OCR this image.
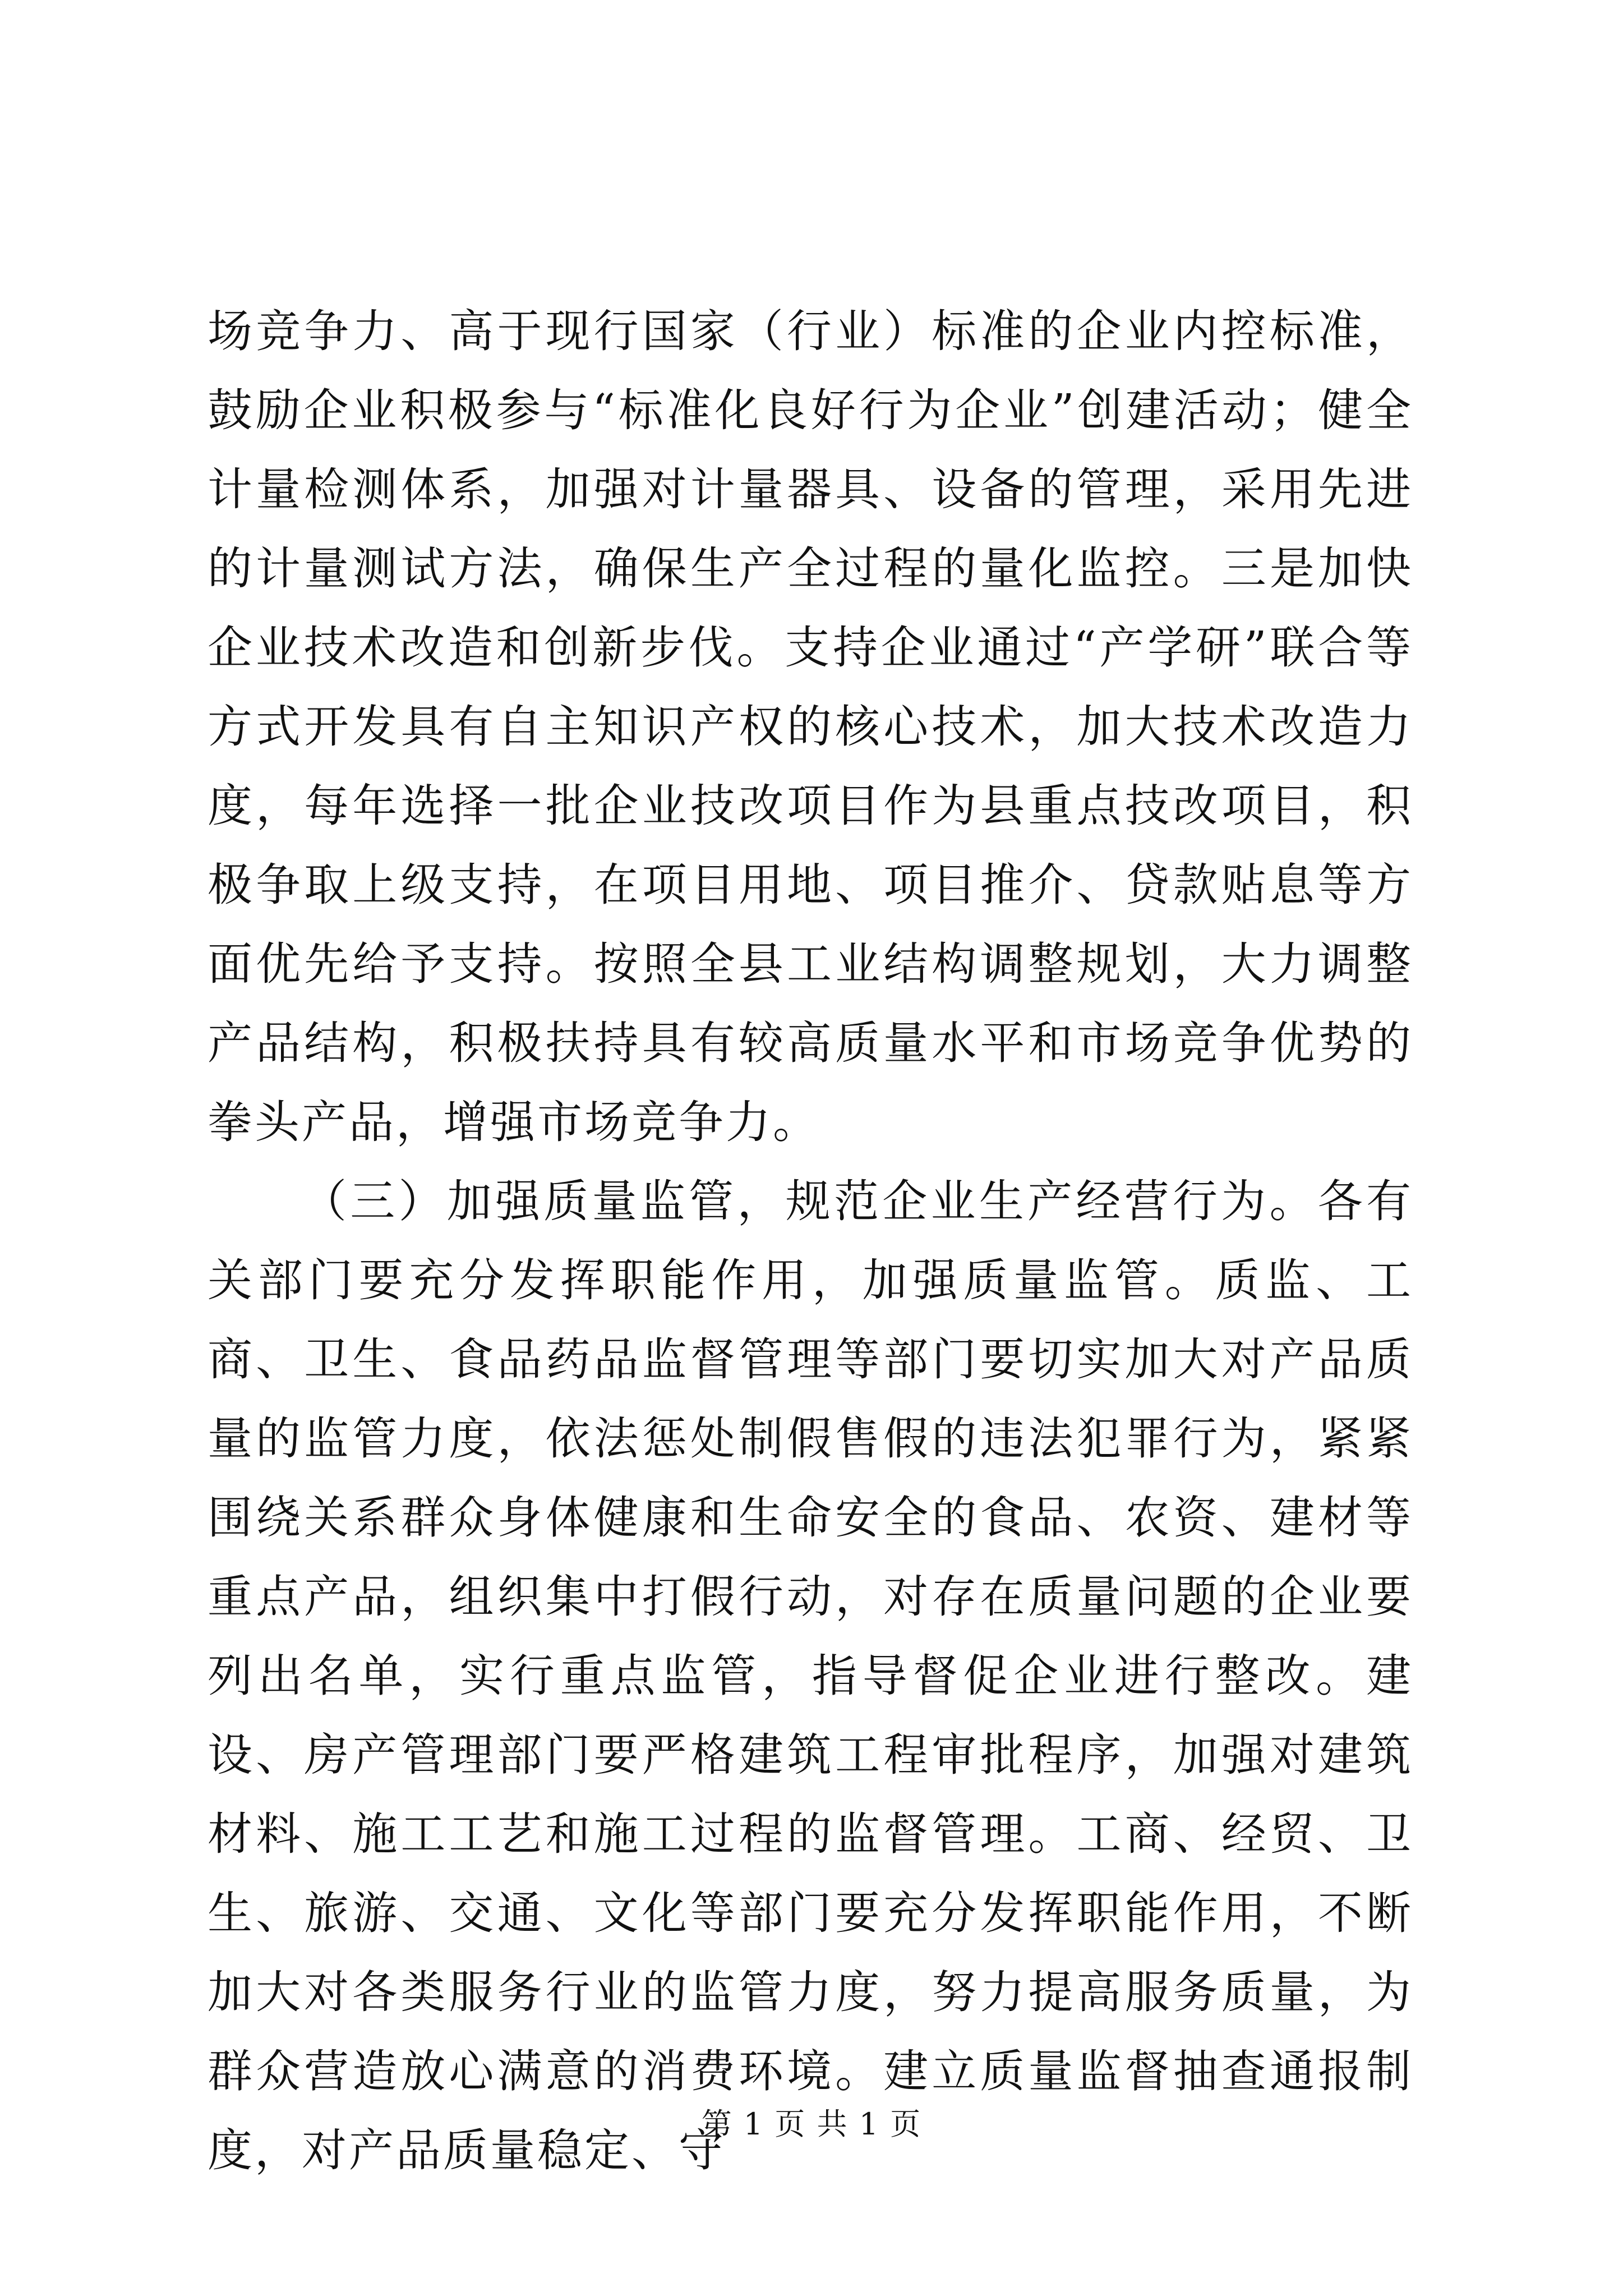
场竞争力、高于现行国家（行业）标准的企业内控标准，鼓励企业积极参与“标准化良好行为企业”创建活动；健全计量检测体系，加强对计量器具、设备的管理，采用先进的计量测试方法，确保生产全过程的量化监控。三是加快企业技术改造和创新步伐。支持企业通过“产学研”联合等方式开发具有自主知识产权的核心技术，加大技术改造力度，每年选择一批企业技改项目作为县重点技改项目，积极争取上级支持，在项目用地、项目推介、贷款贴息等方面优先给予支持。按照全县工业结构调整规划，大力调整产品结构，积极扶持具有较高质量水平和市场竞争优势的拳头产品，增强市场竞争力。

（三）加强质量监管，规范企业生产经营行为。各有关部门要充分发挥职能作用，加强质量监管。质监、工商、卫生、食品药品监督管理等部门要切实加大对产品质量的监管力度，依法惩处制假售假的违法犯罪行为，紧紧围绕关系群众身体健康和生命安全的食品、农资、建材等重点产品，组织集中打假行动，对存在质量问题的企业要列出名单，实行重点监管，指导督促企业进行整改。建设、房产管理部门要严格建筑工程审批程序，加强对建筑材料、施工工艺和施工过程的监督管理。工商、经贸、卫生、旅游、交通、文化等部门要充分发挥职能作用，不断加大对各类服务行业的监管力度，努力提高服务质量，为群众营造放心满意的消费环境。建立质量监督抽查通报制度，对产品质量稳定、守

第 1 页 共 1 页
